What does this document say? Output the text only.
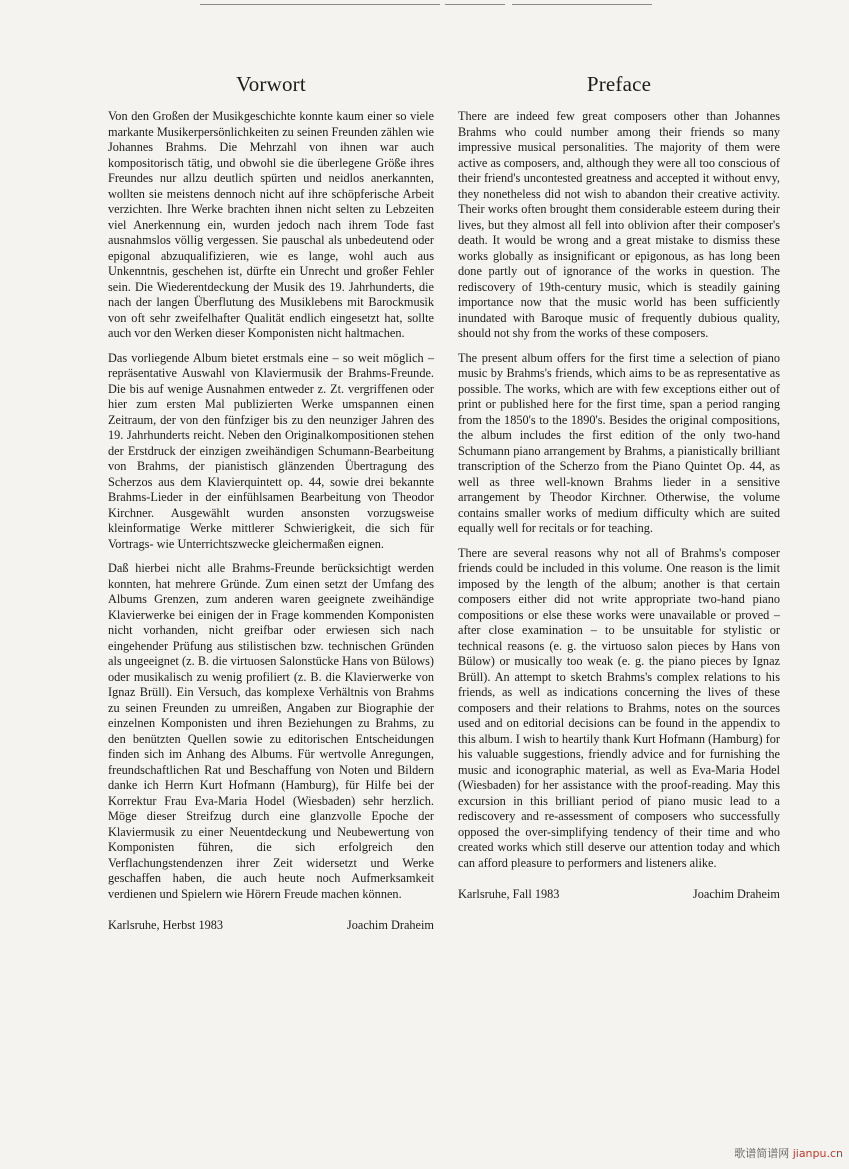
Vorwort

Von den Großen der Musikgeschichte konnte kaum einer so viele markante Musikerpersönlichkeiten zu seinen Freunden zählen wie Johannes Brahms. Die Mehrzahl von ihnen war auch kompositorisch tätig, und obwohl sie die überlegene Größe ihres Freundes nur allzu deutlich spürten und neidlos anerkannten, wollten sie meistens dennoch nicht auf ihre schöpferische Arbeit verzichten. Ihre Werke brachten ihnen nicht selten zu Lebzeiten viel Anerkennung ein, wurden jedoch nach ihrem Tode fast ausnahmslos völlig vergessen. Sie pauschal als unbedeutend oder epigonal abzuqualifizieren, wie es lange, wohl auch aus Unkenntnis, geschehen ist, dürfte ein Unrecht und großer Fehler sein. Die Wiederentdeckung der Musik des 19. Jahrhunderts, die nach der langen Überflutung des Musiklebens mit Barockmusik von oft sehr zweifelhafter Qualität endlich eingesetzt hat, sollte auch vor den Werken dieser Komponisten nicht haltmachen.

Das vorliegende Album bietet erstmals eine – so weit möglich – repräsentative Auswahl von Klaviermusik der Brahms-Freunde. Die bis auf wenige Ausnahmen entweder z. Zt. vergriffenen oder hier zum ersten Mal publizierten Werke umspannen einen Zeitraum, der von den fünfziger bis zu den neunziger Jahren des 19. Jahrhunderts reicht. Neben den Originalkompositionen stehen der Erstdruck der einzigen zweihändigen Schumann-Bearbeitung von Brahms, der pianistisch glänzenden Übertragung des Scherzos aus dem Klavierquintett op. 44, sowie drei bekannte Brahms-Lieder in der einfühlsamen Bearbeitung von Theodor Kirchner. Ausgewählt wurden ansonsten vorzugsweise kleinformatige Werke mittlerer Schwierigkeit, die sich für Vortrags- wie Unterrichtszwecke gleichermaßen eignen.

Daß hierbei nicht alle Brahms-Freunde berücksichtigt werden konnten, hat mehrere Gründe. Zum einen setzt der Umfang des Albums Grenzen, zum anderen waren geeignete zweihändige Klavierwerke bei einigen der in Frage kommenden Komponisten nicht vorhanden, nicht greifbar oder erwiesen sich nach eingehender Prüfung aus stilistischen bzw. technischen Gründen als ungeeignet (z. B. die virtuosen Salonstücke Hans von Bülows) oder musikalisch zu wenig profiliert (z. B. die Klavierwerke von Ignaz Brüll). Ein Versuch, das komplexe Verhältnis von Brahms zu seinen Freunden zu umreißen, Angaben zur Biographie der einzelnen Komponisten und ihren Beziehungen zu Brahms, zu den benützten Quellen sowie zu editorischen Entscheidungen finden sich im Anhang des Albums. Für wertvolle Anregungen, freundschaftlichen Rat und Beschaffung von Noten und Bildern danke ich Herrn Kurt Hofmann (Hamburg), für Hilfe bei der Korrektur Frau Eva-Maria Hodel (Wiesbaden) sehr herzlich. Möge dieser Streifzug durch eine glanzvolle Epoche der Klaviermusik zu einer Neuentdeckung und Neubewertung von Komponisten führen, die sich erfolgreich den Verflachungstendenzen ihrer Zeit widersetzt und Werke geschaffen haben, die auch heute noch Aufmerksamkeit verdienen und Spielern wie Hörern Freude machen können.

Karlsruhe, Herbst 1983	Joachim Draheim
Preface

There are indeed few great composers other than Johannes Brahms who could number among their friends so many impressive musical personalities. The majority of them were active as composers, and, although they were all too conscious of their friend's uncontested greatness and accepted it without envy, they nonetheless did not wish to abandon their creative activity. Their works often brought them considerable esteem during their lives, but they almost all fell into oblivion after their composer's death. It would be wrong and a great mistake to dismiss these works globally as insignificant or epigonous, as has long been done partly out of ignorance of the works in question. The rediscovery of 19th-century music, which is steadily gaining importance now that the music world has been sufficiently inundated with Baroque music of frequently dubious quality, should not shy from the works of these composers.

The present album offers for the first time a selection of piano music by Brahms's friends, which aims to be as representative as possible. The works, which are with few exceptions either out of print or published here for the first time, span a period ranging from the 1850's to the 1890's. Besides the original compositions, the album includes the first edition of the only two-hand Schumann piano arrangement by Brahms, a pianistically brilliant transcription of the Scherzo from the Piano Quintet Op. 44, as well as three well-known Brahms lieder in a sensitive arrangement by Theodor Kirchner. Otherwise, the volume contains smaller works of medium difficulty which are suited equally well for recitals or for teaching.

There are several reasons why not all of Brahms's composer friends could be included in this volume. One reason is the limit imposed by the length of the album; another is that certain composers either did not write appropriate two-hand piano compositions or else these works were unavailable or proved – after close examination – to be unsuitable for stylistic or technical reasons (e. g. the virtuoso salon pieces by Hans von Bülow) or musically too weak (e. g. the piano pieces by Ignaz Brüll). An attempt to sketch Brahms's complex relations to his friends, as well as indications concerning the lives of these composers and their relations to Brahms, notes on the sources used and on editorial decisions can be found in the appendix to this album. I wish to heartily thank Kurt Hofmann (Hamburg) for his valuable suggestions, friendly advice and for furnishing the music and iconographic material, as well as Eva-Maria Hodel (Wiesbaden) for her assistance with the proof-reading. May this excursion in this brilliant period of piano music lead to a rediscovery and re-assessment of composers who successfully opposed the over-simplifying tendency of their time and who created works which still deserve our attention today and which can afford pleasure to performers and listeners alike.

Karlsruhe, Fall 1983	Joachim Draheim
歌谱简谱网 jianpu.cn
